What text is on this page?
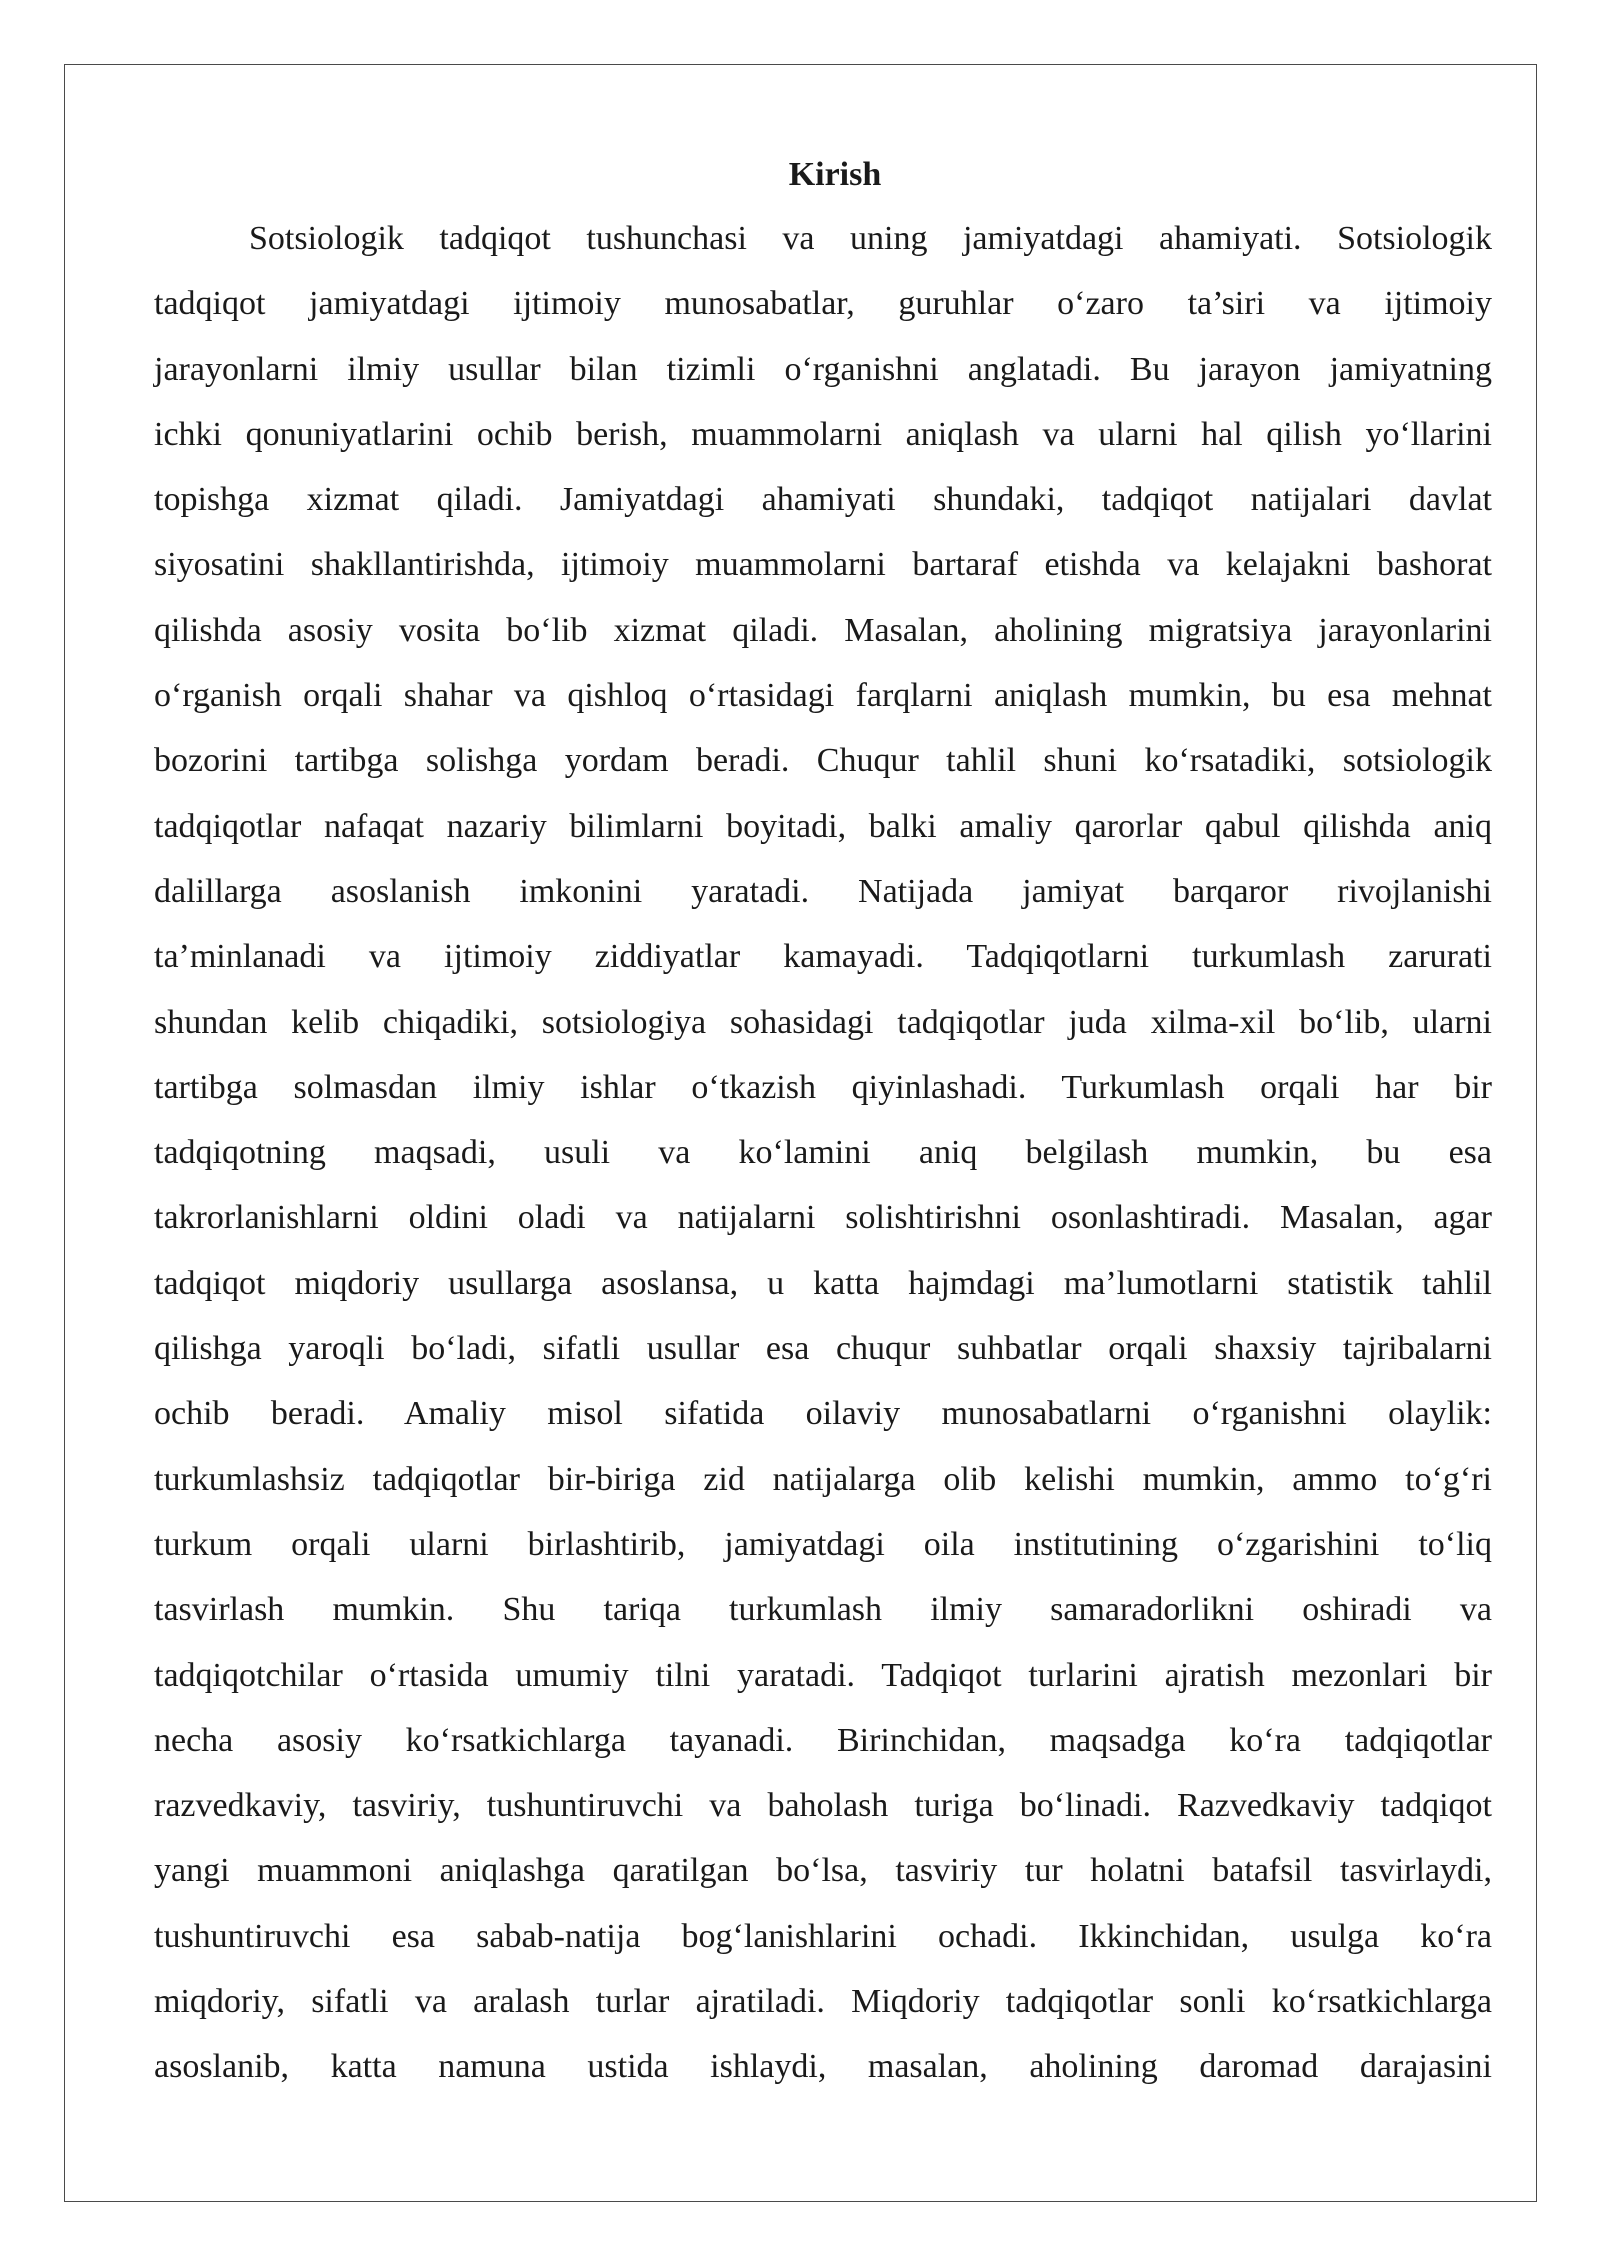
Kirish
Sotsiologik tadqiqot tushunchasi va uning jamiyatdagi ahamiyati. Sotsiologik
tadqiqot jamiyatdagi ijtimoiy munosabatlar, guruhlar o‘zaro ta’siri va ijtimoiy
jarayonlarni ilmiy usullar bilan tizimli o‘rganishni anglatadi. Bu jarayon jamiyatning
ichki qonuniyatlarini ochib berish, muammolarni aniqlash va ularni hal qilish yo‘llarini
topishga xizmat qiladi. Jamiyatdagi ahamiyati shundaki, tadqiqot natijalari davlat
siyosatini shakllantirishda, ijtimoiy muammolarni bartaraf etishda va kelajakni bashorat
qilishda asosiy vosita bo‘lib xizmat qiladi. Masalan, aholining migratsiya jarayonlarini
o‘rganish orqali shahar va qishloq o‘rtasidagi farqlarni aniqlash mumkin, bu esa mehnat
bozorini tartibga solishga yordam beradi. Chuqur tahlil shuni ko‘rsatadiki, sotsiologik
tadqiqotlar nafaqat nazariy bilimlarni boyitadi, balki amaliy qarorlar qabul qilishda aniq
dalillarga asoslanish imkonini yaratadi. Natijada jamiyat barqaror rivojlanishi
ta’minlanadi va ijtimoiy ziddiyatlar kamayadi. Tadqiqotlarni turkumlash zarurati
shundan kelib chiqadiki, sotsiologiya sohasidagi tadqiqotlar juda xilma-xil bo‘lib, ularni
tartibga solmasdan ilmiy ishlar o‘tkazish qiyinlashadi. Turkumlash orqali har bir
tadqiqotning maqsadi, usuli va ko‘lamini aniq belgilash mumkin, bu esa
takrorlanishlarni oldini oladi va natijalarni solishtirishni osonlashtiradi. Masalan, agar
tadqiqot miqdoriy usullarga asoslansa, u katta hajmdagi ma’lumotlarni statistik tahlil
qilishga yaroqli bo‘ladi, sifatli usullar esa chuqur suhbatlar orqali shaxsiy tajribalarni
ochib beradi. Amaliy misol sifatida oilaviy munosabatlarni o‘rganishni olaylik:
turkumlashsiz tadqiqotlar bir-biriga zid natijalarga olib kelishi mumkin, ammo to‘g‘ri
turkum orqali ularni birlashtirib, jamiyatdagi oila institutining o‘zgarishini to‘liq
tasvirlash mumkin. Shu tariqa turkumlash ilmiy samaradorlikni oshiradi va
tadqiqotchilar o‘rtasida umumiy tilni yaratadi. Tadqiqot turlarini ajratish mezonlari bir
necha asosiy ko‘rsatkichlarga tayanadi. Birinchidan, maqsadga ko‘ra tadqiqotlar
razvedkaviy, tasviriy, tushuntiruvchi va baholash turiga bo‘linadi. Razvedkaviy tadqiqot
yangi muammoni aniqlashga qaratilgan bo‘lsa, tasviriy tur holatni batafsil tasvirlaydi,
tushuntiruvchi esa sabab-natija bog‘lanishlarini ochadi. Ikkinchidan, usulga ko‘ra
miqdoriy, sifatli va aralash turlar ajratiladi. Miqdoriy tadqiqotlar sonli ko‘rsatkichlarga
asoslanib, katta namuna ustida ishlaydi, masalan, aholining daromad darajasini
